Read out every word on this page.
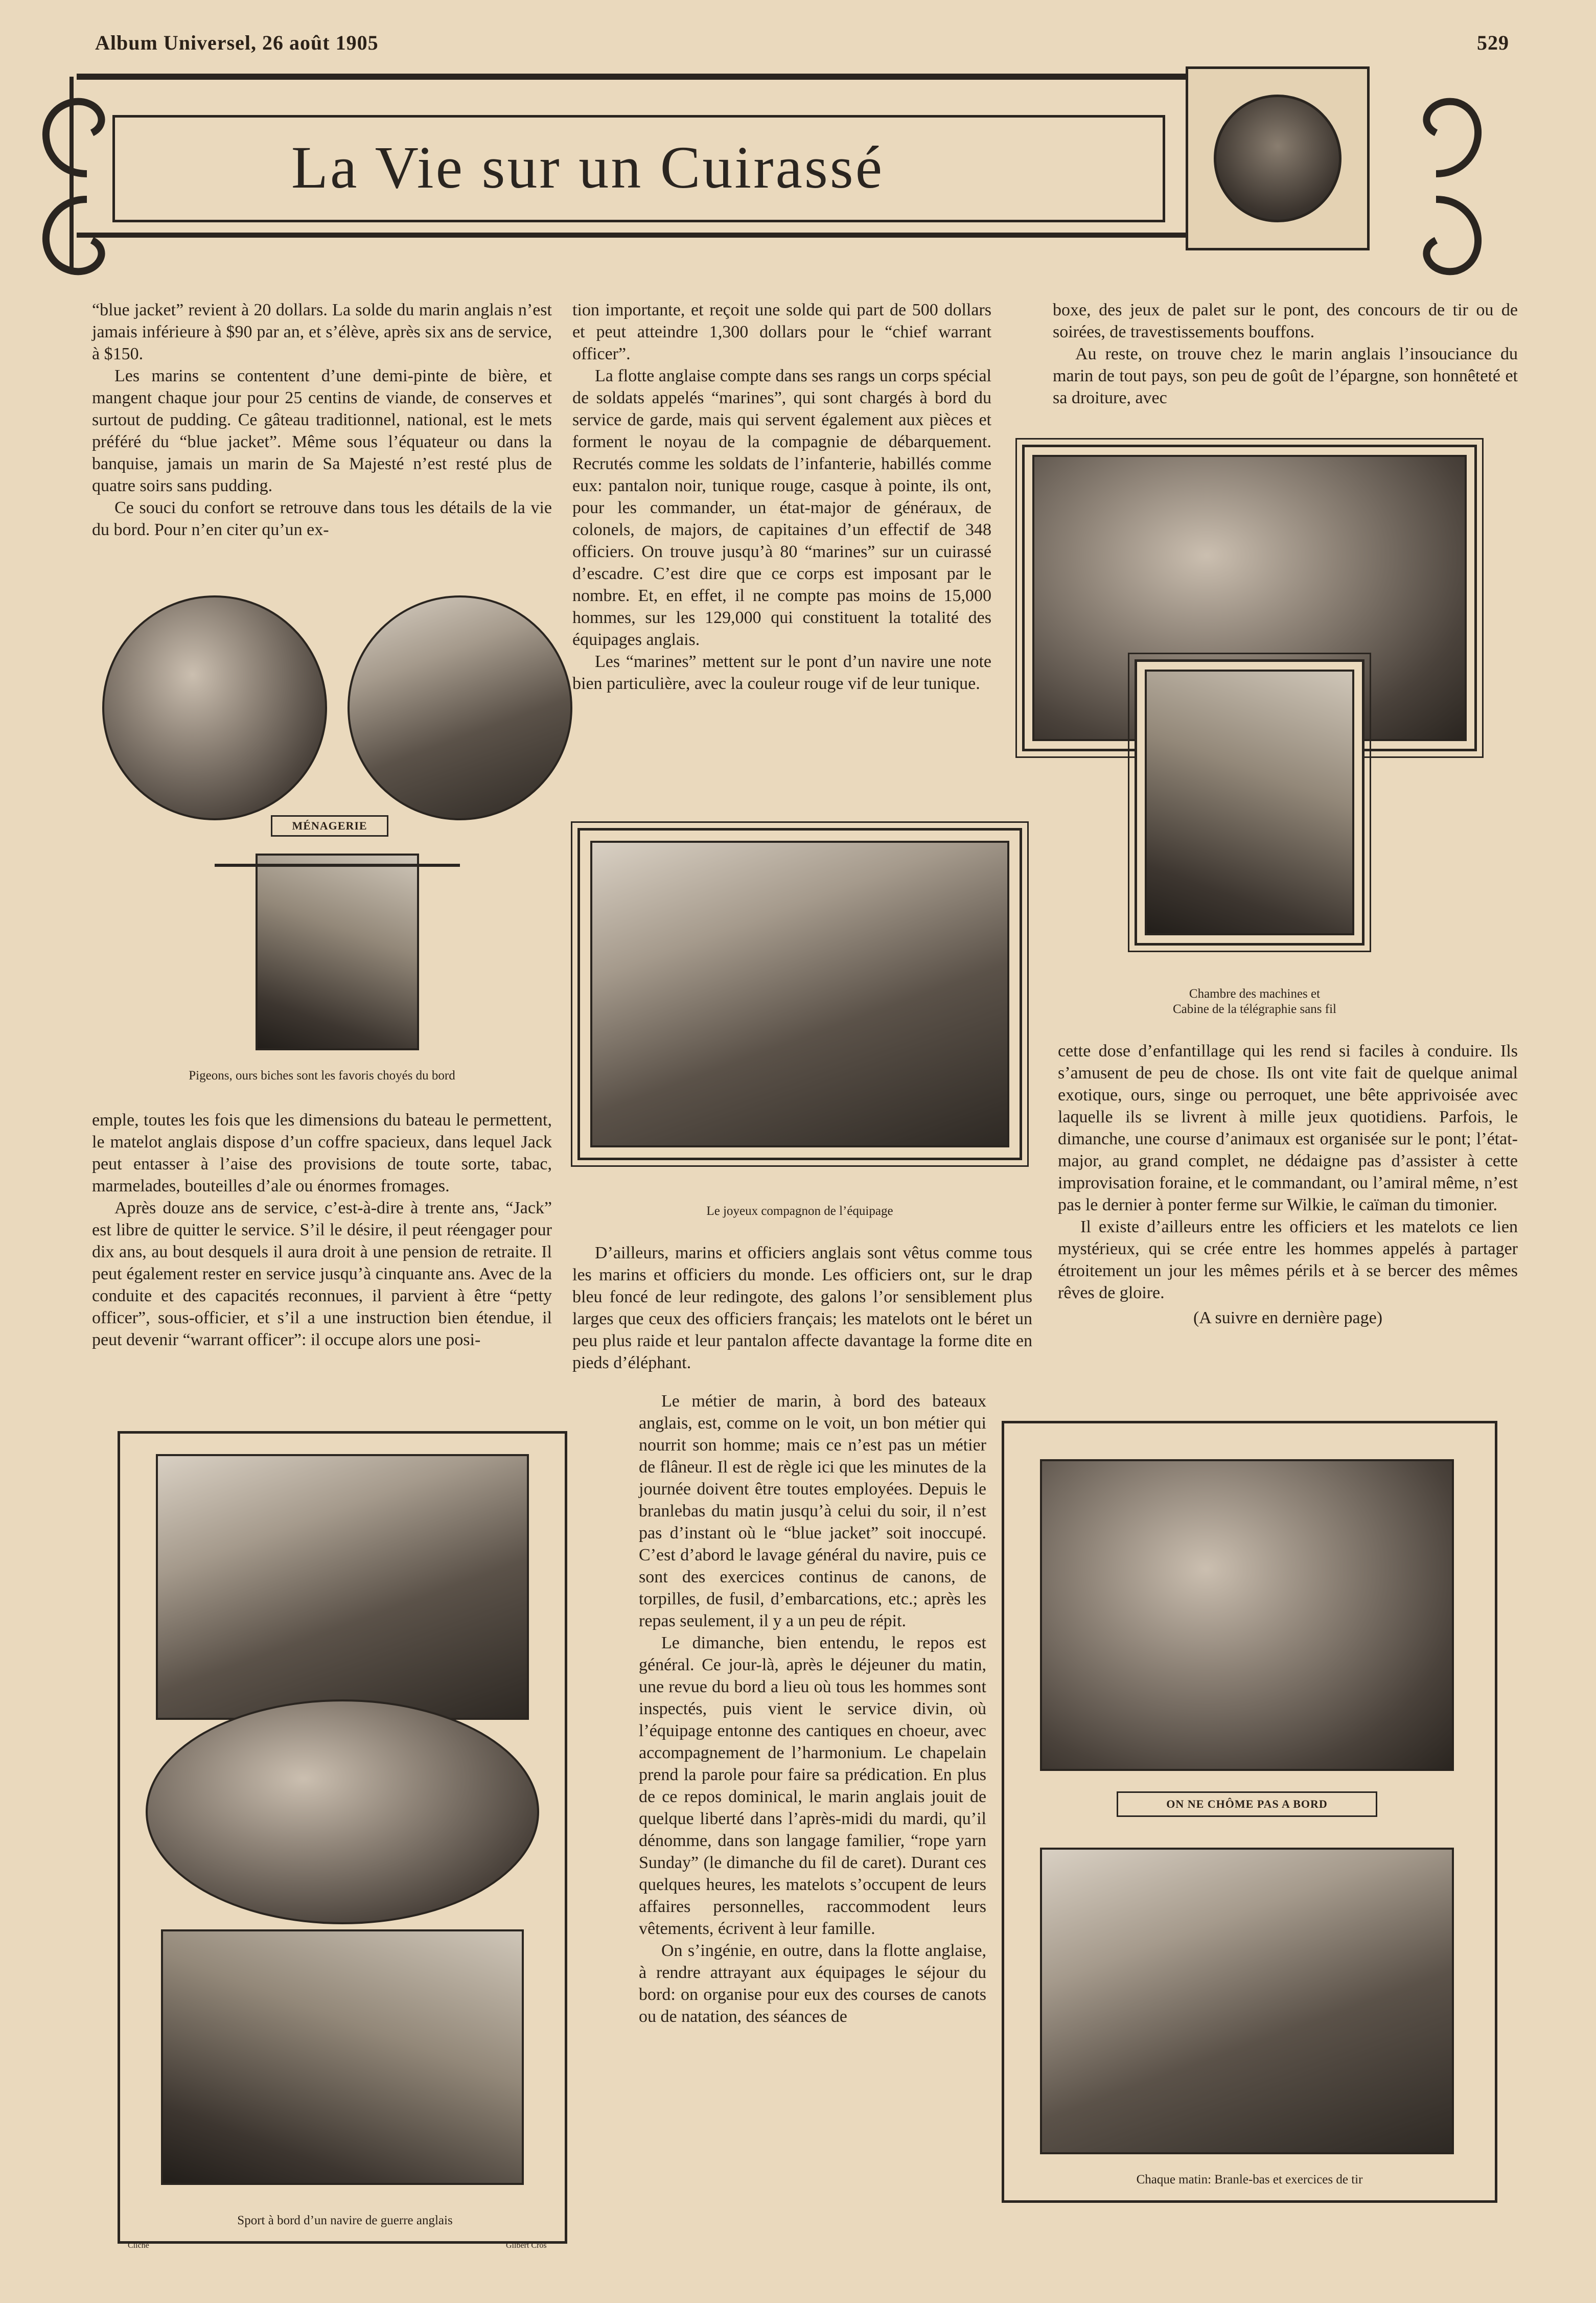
Album Universel, 26 août 1905	529
La Vie sur un Cuirassé

“blue jacket” revient à 20 dollars. La solde du marin anglais n’est jamais inférieure à $90 par an, et s’élève, après six ans de service, à $150.

Les marins se contentent d’une demi-pinte de bière, et mangent chaque jour pour 25 centins de viande, de conserves et surtout de pudding. Ce gâteau traditionnel, national, est le mets préféré du “blue jacket”. Même sous l’équateur ou dans la banquise, jamais un marin de Sa Majesté n’est resté plus de quatre soirs sans pudding.

Ce souci du confort se retrouve dans tous les détails de la vie du bord. Pour n’en citer qu’un ex-

MÉNAGERIE
Pigeons, ours biches sont les favoris choyés du bord

emple, toutes les fois que les dimensions du bateau le permettent, le matelot anglais dispose d’un coffre spacieux, dans lequel Jack peut entasser à l’aise des provisions de toute sorte, tabac, marmelades, bouteilles d’ale ou énormes fromages.

Après douze ans de service, c’est-à-dire à trente ans, “Jack” est libre de quitter le service. S’il le désire, il peut réengager pour dix ans, au bout desquels il aura droit à une pension de retraite. Il peut également rester en service jusqu’à cinquante ans. Avec de la conduite et des capacités reconnues, il parvient à être “petty officer”, sous-officier, et s’il a une instruction bien étendue, il peut devenir “warrant officer”: il occupe alors une posi-

tion importante, et reçoit une solde qui part de 500 dollars et peut atteindre 1,300 dollars pour le “chief warrant officer”.

La flotte anglaise compte dans ses rangs un corps spécial de soldats appelés “marines”, qui sont chargés à bord du service de garde, mais qui servent également aux pièces et forment le noyau de la compagnie de débarquement. Recrutés comme les soldats de l’infanterie, habillés comme eux: pantalon noir, tunique rouge, casque à pointe, ils ont, pour les commander, un état-major de généraux, de colonels, de majors, de capitaines d’un effectif de 348 officiers. On trouve jusqu’à 80 “marines” sur un cuirassé d’escadre. C’est dire que ce corps est imposant par le nombre. Et, en effet, il ne compte pas moins de 15,000 hommes, sur les 129,000 qui constituent la totalité des équipages anglais.

Les “marines” mettent sur le pont d’un navire une note bien particulière, avec la couleur rouge vif de leur tunique.

Le joyeux compagnon de l’équipage

D’ailleurs, marins et officiers anglais sont vêtus comme tous les marins et officiers du monde. Les officiers ont, sur le drap bleu foncé de leur redingote, des galons l’or sensiblement plus larges que ceux des officiers français; les matelots ont le béret un peu plus raide et leur pantalon affecte davantage la forme dite en pieds d’éléphant.

Le métier de marin, à bord des bateaux anglais, est, comme on le voit, un bon métier qui nourrit son homme; mais ce n’est pas un métier de flâneur. Il est de règle ici que les minutes de la journée doivent être toutes employées. Depuis le branlebas du matin jusqu’à celui du soir, il n’est pas d’instant où le “blue jacket” soit inoccupé. C’est d’abord le lavage général du navire, puis ce sont des exercices continus de canons, de torpilles, de fusil, d’embarcations, etc.; après les repas seulement, il y a un peu de répit.

Le dimanche, bien entendu, le repos est général. Ce jour-là, après le déjeuner du matin, une revue du bord a lieu où tous les hommes sont inspectés, puis vient le service divin, où l’équipage entonne des cantiques en choeur, avec accompagnement de l’harmonium. Le chapelain prend la parole pour faire sa prédication. En plus de ce repos dominical, le marin anglais jouit de quelque liberté dans l’après-midi du mardi, qu’il dénomme, dans son langage familier, “rope yarn Sunday” (le dimanche du fil de caret). Durant ces quelques heures, les matelots s’occupent de leurs affaires personnelles, raccommodent leurs vêtements, écrivent à leur famille.

On s’ingénie, en outre, dans la flotte anglaise, à rendre attrayant aux équipages le séjour du bord: on organise pour eux des courses de canots ou de natation, des séances de

boxe, des jeux de palet sur le pont, des concours de tir ou de soirées, de travestissements bouffons.

Au reste, on trouve chez le marin anglais l’insouciance du marin de tout pays, son peu de goût de l’épargne, son honnêteté et sa droiture, avec

Chambre des machines et
Cabine de la télégraphie sans fil

cette dose d’enfantillage qui les rend si faciles à conduire. Ils s’amusent de peu de chose. Ils ont vite fait de quelque animal exotique, ours, singe ou perroquet, une bête apprivoisée avec laquelle ils se livrent à mille jeux quotidiens. Parfois, le dimanche, une course d’animaux est organisée sur le pont; l’état-major, au grand complet, ne dédaigne pas d’assister à cette improvisation foraine, et le commandant, ou l’amiral même, n’est pas le dernier à ponter ferme sur Wilkie, le caïman du timonier.

Il existe d’ailleurs entre les officiers et les matelots ce lien mystérieux, qui se crée entre les hommes appelés à partager étroitement un jour les mêmes périls et à se bercer des mêmes rêves de gloire.

(A suivre en dernière page)

Sport à bord d’un navire de guerre anglais
Cliché	Gilbert Cros
ON NE CHÔME PAS A BORD
Chaque matin: Branle-bas et exercices de tir
